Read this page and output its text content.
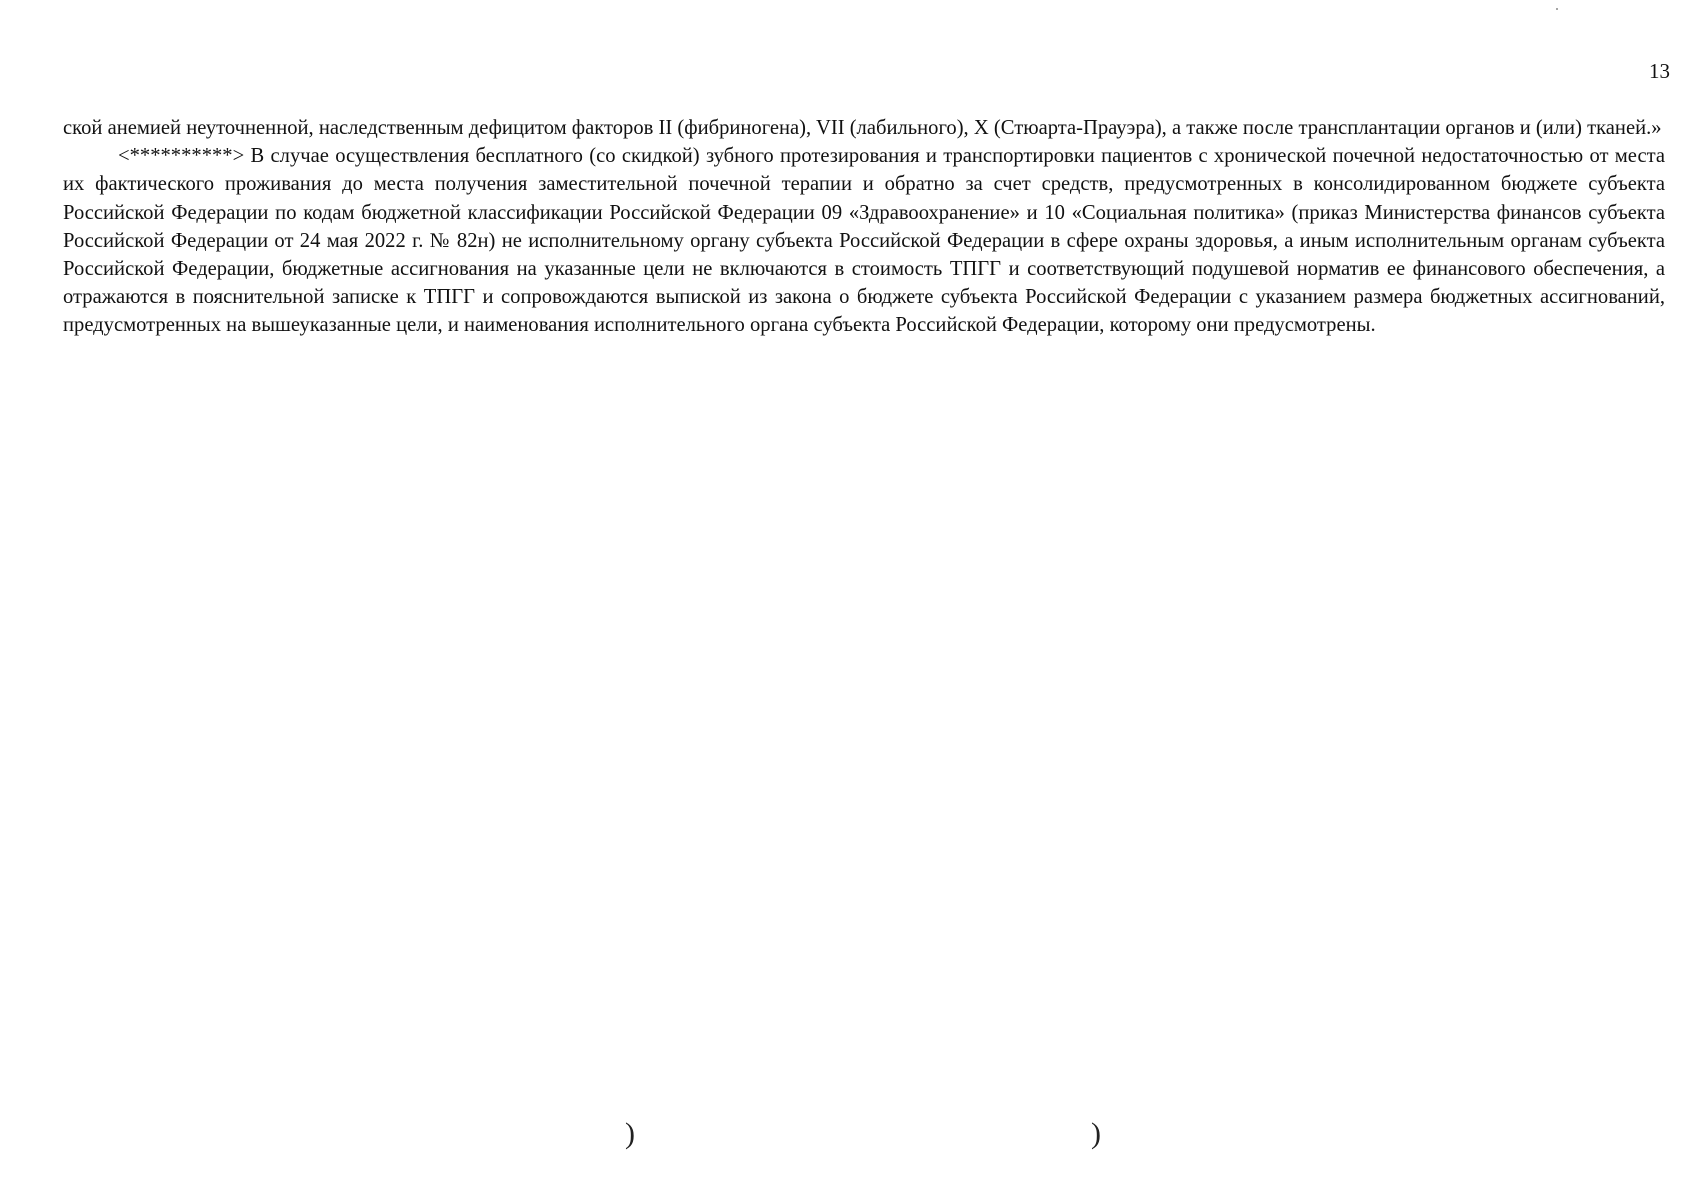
13

ской анемией неуточненной, наследственным дефицитом факторов II (фибриногена), VII (лабильного), X (Стюарта-Прауэра), а также после трансплантации органов и (или) тканей.»

<**********> В случае осуществления бесплатного (со скидкой) зубного протезирования и транспортировки пациентов с хронической почечной недостаточностью от места их фактического проживания до места получения заместительной почечной терапии и обратно за счет средств, предусмотренных в консолидированном бюджете субъекта Российской Федерации по кодам бюджетной классификации Российской Федерации 09 «Здравоохранение» и 10 «Социальная политика» (приказ Министерства финансов субъекта Российской Федерации от 24 мая 2022 г. № 82н) не исполнительному органу субъекта Российской Федерации в сфере охраны здоровья, а иным исполнительным органам субъекта Российской Федерации, бюджетные ассигнования на указанные цели не включаются в стоимость ТПГГ и соответствующий подушевой норматив ее финансового обеспечения, а отражаются в пояснительной записке к ТПГГ и сопровождаются выпиской из закона о бюджете субъекта Российской Федерации с указанием размера бюджетных ассигнований, предусмотренных на вышеуказанные цели, и наименования исполнительного органа субъекта Российской Федерации, которому они предусмотрены.

)	)
